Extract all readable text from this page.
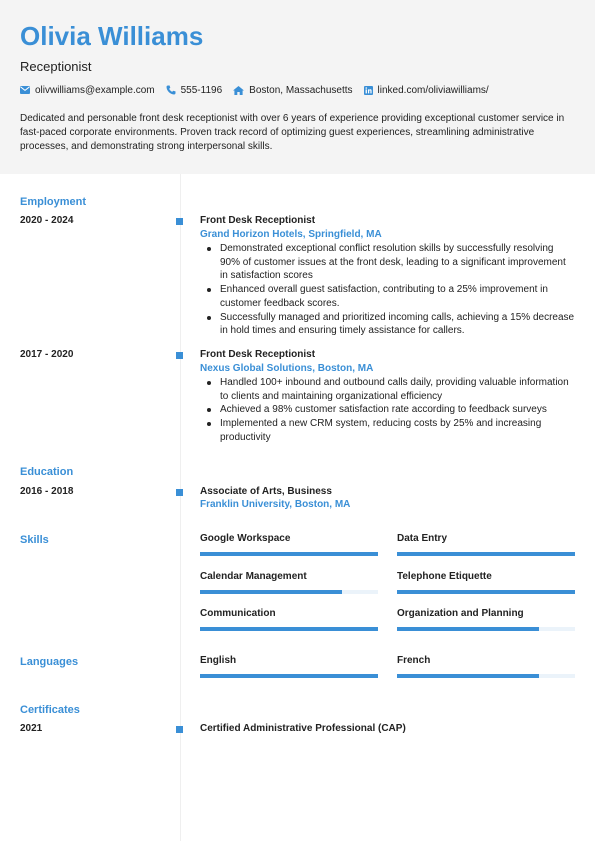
Olivia Williams
Receptionist
olivwilliams@example.com	555-1196	Boston, Massachusetts	linked.com/oliviawilliams/
Dedicated and personable front desk receptionist with over 6 years of experience providing exceptional customer service in fast-paced corporate environments. Proven track record of optimizing guest experiences, streamlining administrative processes, and demonstrating strong interpersonal skills.
Employment
2020 - 2024	Front Desk Receptionist
Grand Horizon Hotels, Springfield, MA
Demonstrated exceptional conflict resolution skills by successfully resolving 90% of customer issues at the front desk, leading to a significant improvement in satisfaction scores
Enhanced overall guest satisfaction, contributing to a 25% improvement in customer feedback scores.
Successfully managed and prioritized incoming calls, achieving a 15% decrease in hold times and ensuring timely assistance for callers.
2017 - 2020	Front Desk Receptionist
Nexus Global Solutions, Boston, MA
Handled 100+ inbound and outbound calls daily, providing valuable information to clients and maintaining organizational efficiency
Achieved a 98% customer satisfaction rate according to feedback surveys
Implemented a new CRM system, reducing costs by 25% and increasing productivity
Education
2016 - 2018	Associate of Arts, Business
Franklin University, Boston, MA
Skills	Google Workspace	Data Entry
Calendar Management	Telephone Etiquette
Communication	Organization and Planning
Languages	English	French
Certificates
2021	Certified Administrative Professional (CAP)
